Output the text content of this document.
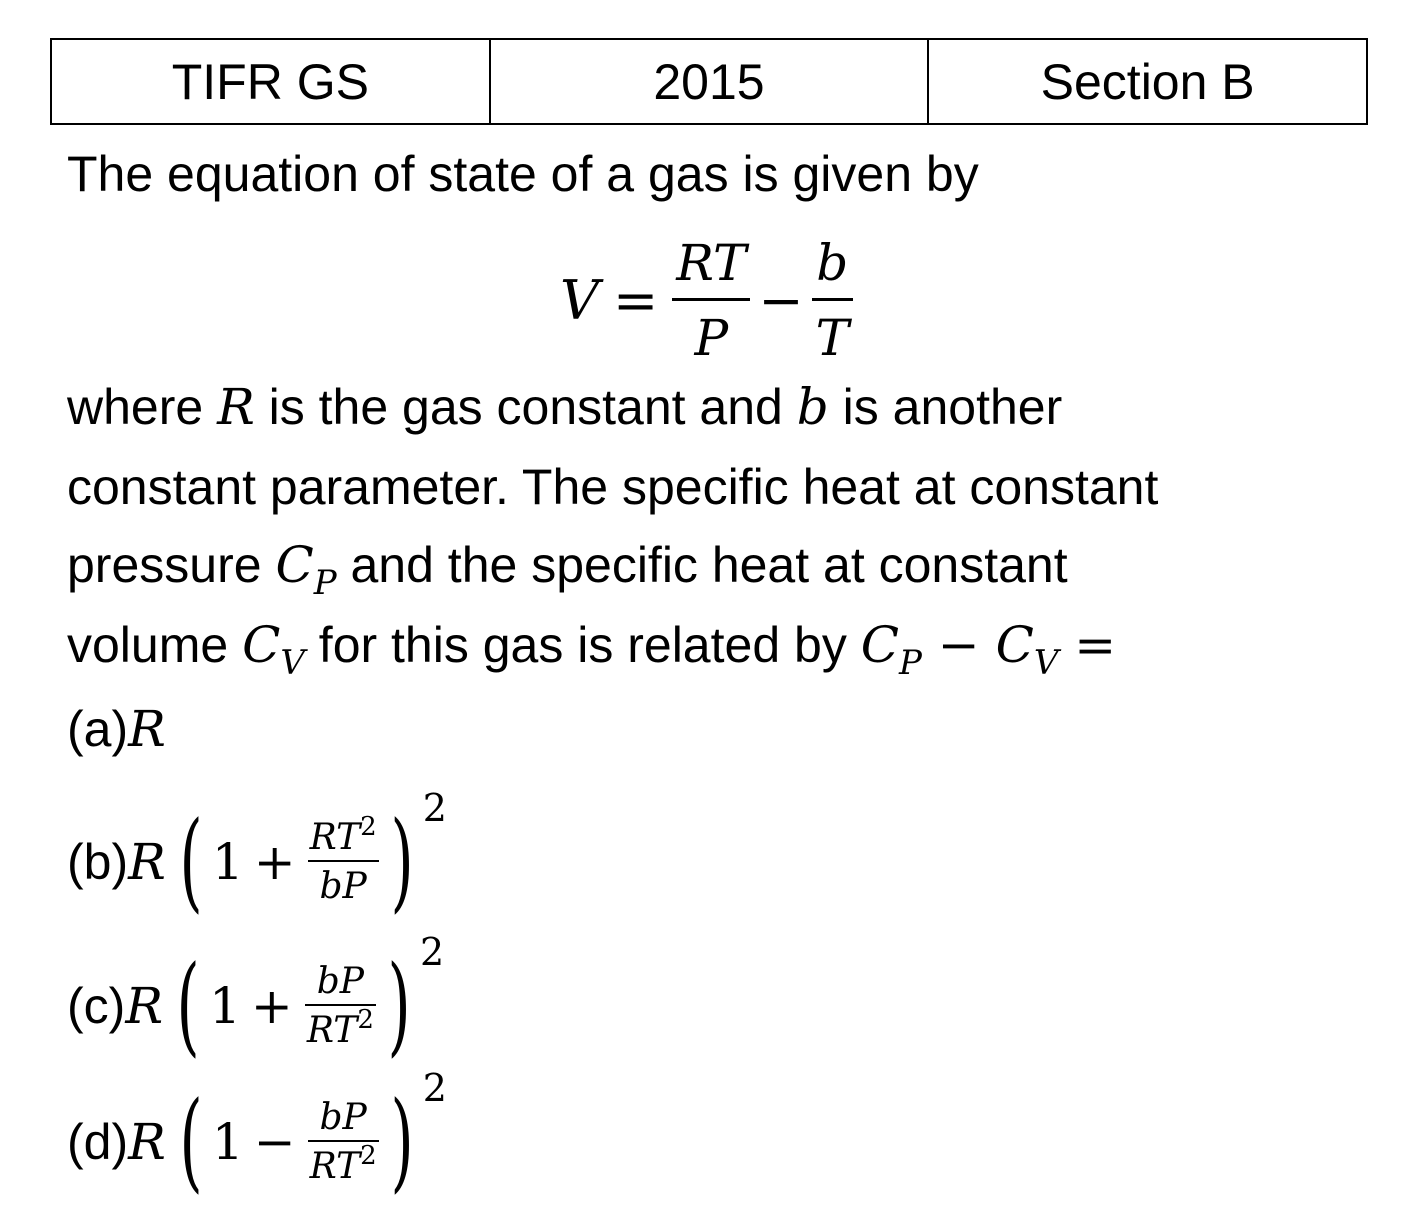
TIFR GS	2015	Section B
The equation of state of a gas is given by
$V = \frac{RT}{P} - \frac{b}{T}$
where R is the gas constant and b is another
constant parameter. The specific heat at constant
pressure $C_P$ and the specific heat at constant
volume $C_V$ for this gas is related by $C_P - C_V$ =
(a) R
(b) R ( $1 + \frac{RT^2}{bP}$ ) 2
(c) R ( $1 + \frac{bP}{RT^2}$ ) 2
(d) R ( $1 - \frac{bP}{RT^2}$ ) 2
